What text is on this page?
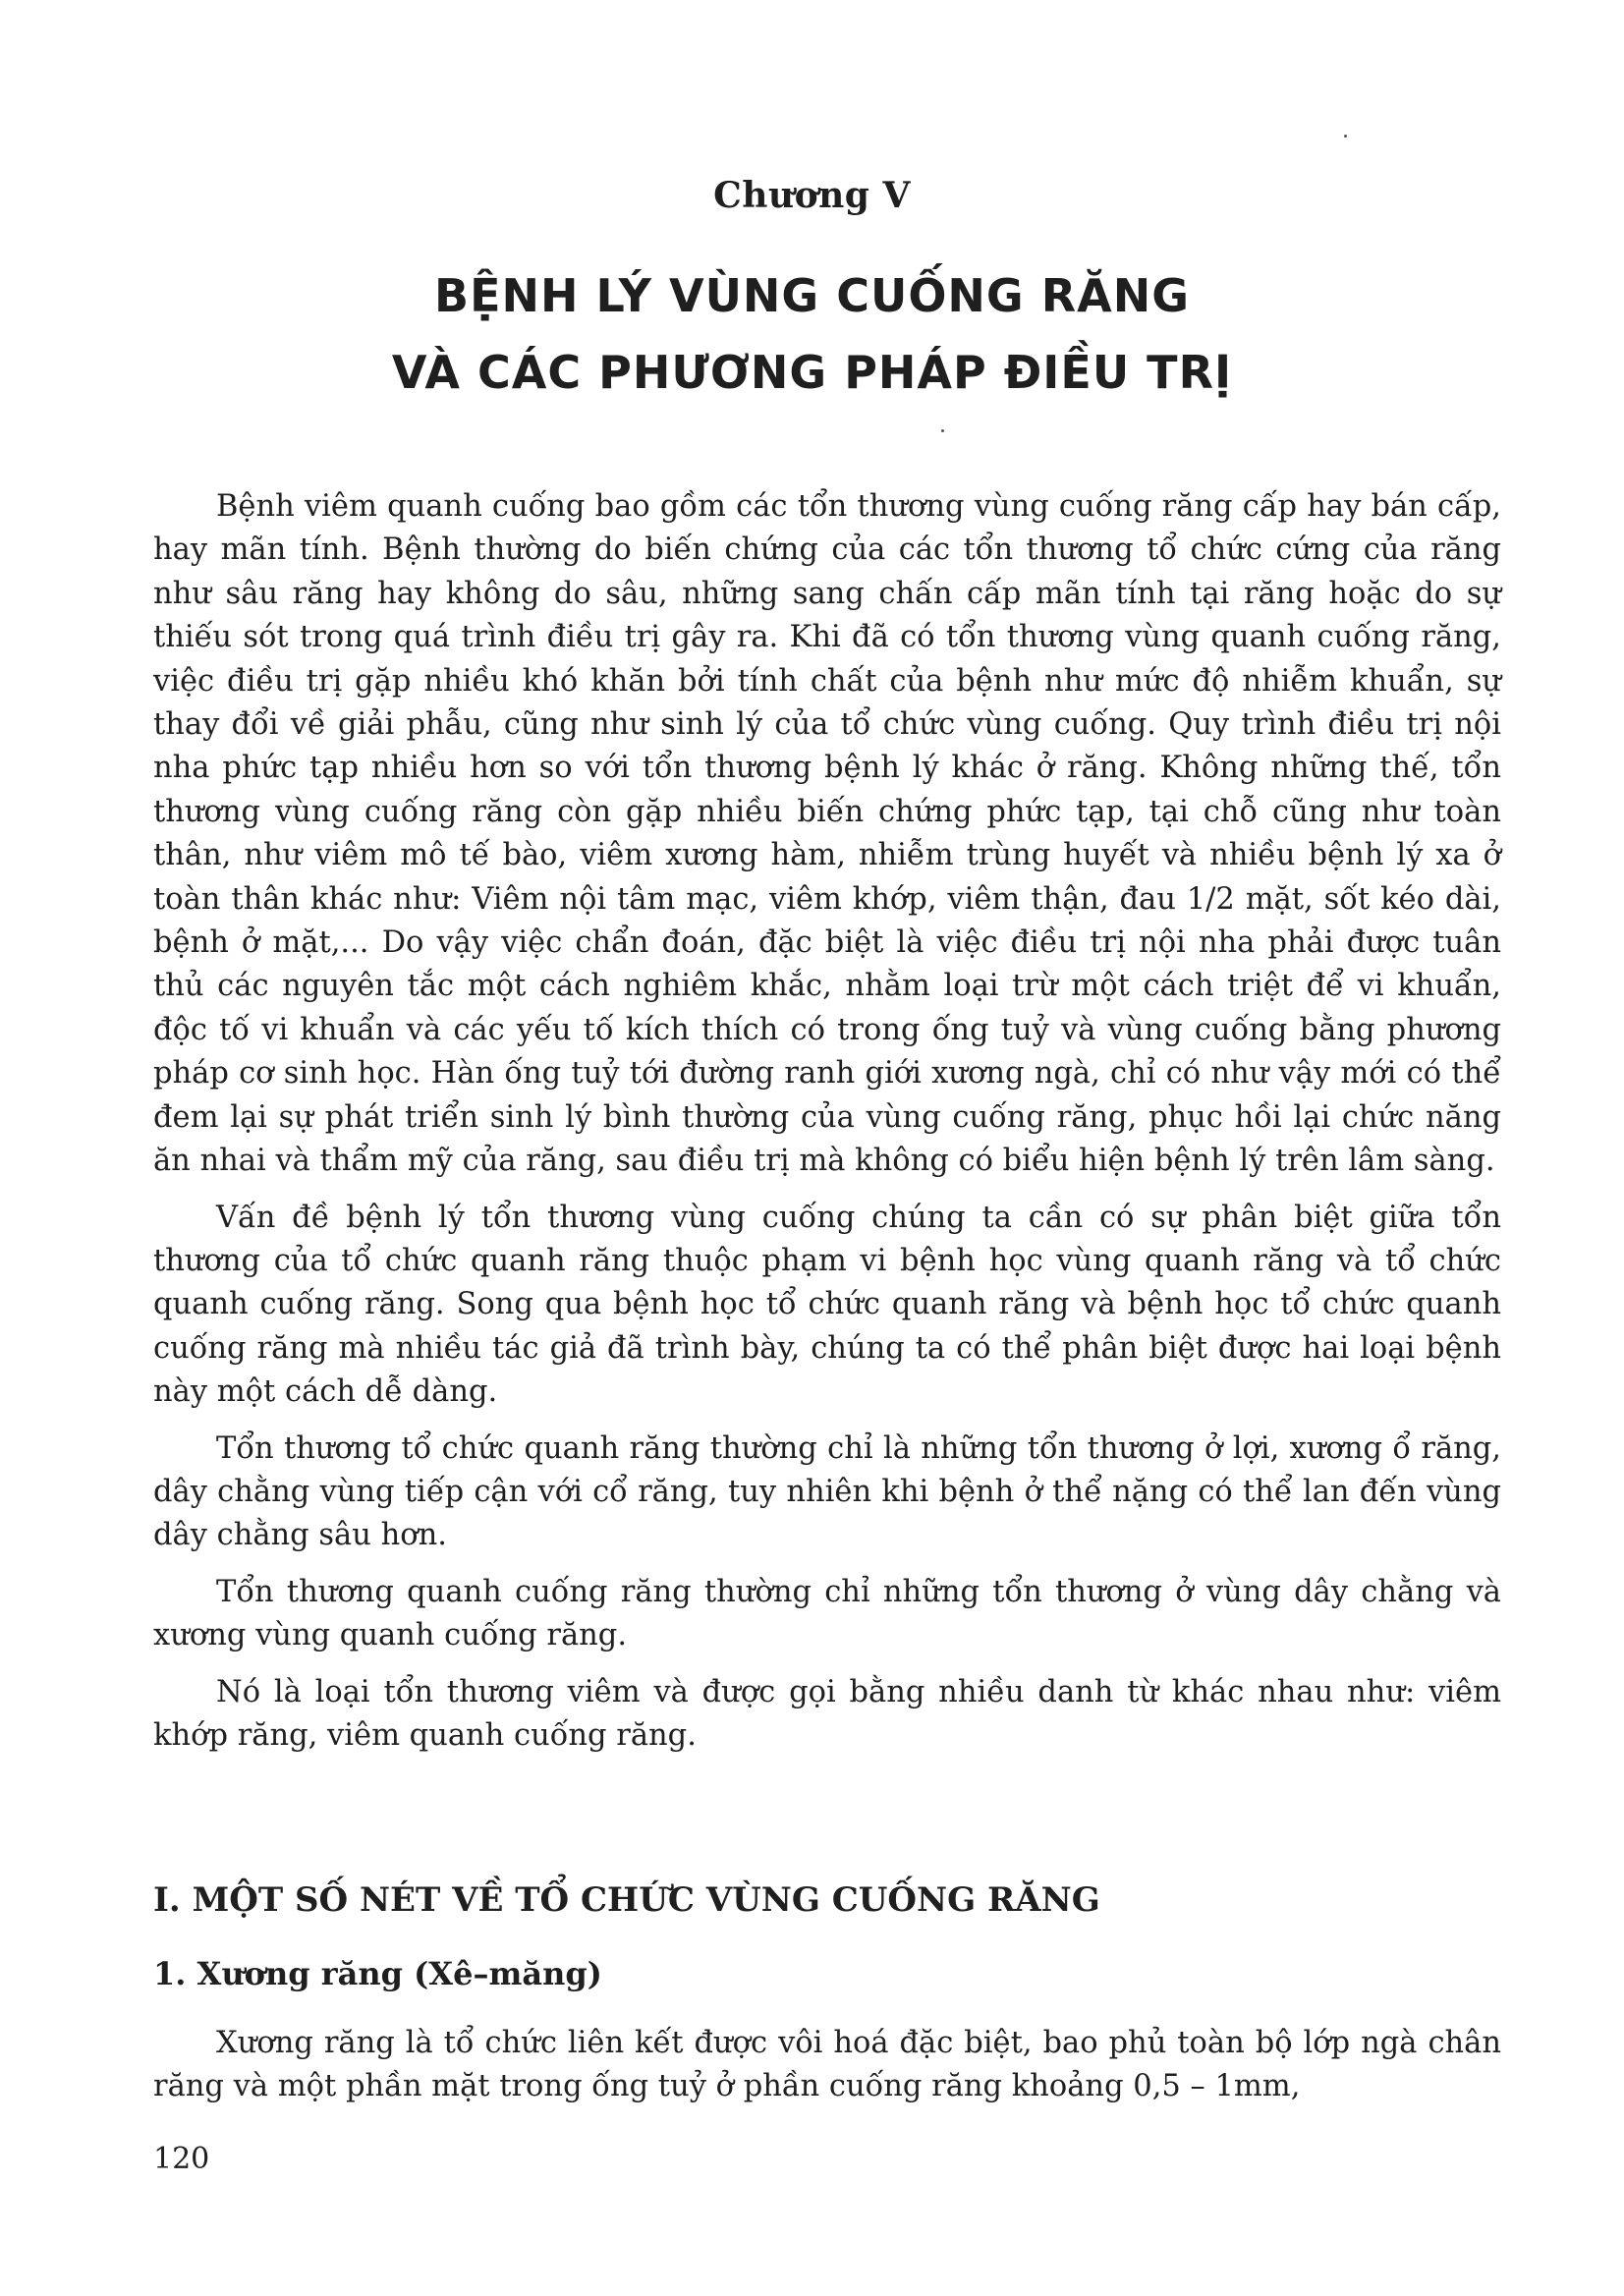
Chương V
BỆNH LÝ VÙNG CUỐNG RĂNG
VÀ CÁC PHƯƠNG PHÁP ĐIỀU TRỊ

Bệnh viêm quanh cuống bao gồm các tổn thương vùng cuống răng cấp hay bán cấp, hay mãn tính. Bệnh thường do biến chứng của các tổn thương tổ chức cứng của răng như sâu răng hay không do sâu, những sang chấn cấp mãn tính tại răng hoặc do sự thiếu sót trong quá trình điều trị gây ra. Khi đã có tổn thương vùng quanh cuống răng, việc điều trị gặp nhiều khó khăn bởi tính chất của bệnh như mức độ nhiễm khuẩn, sự thay đổi về giải phẫu, cũng như sinh lý của tổ chức vùng cuống. Quy trình điều trị nội nha phức tạp nhiều hơn so với tổn thương bệnh lý khác ở răng. Không những thế, tổn thương vùng cuống răng còn gặp nhiều biến chứng phức tạp, tại chỗ cũng như toàn thân, như viêm mô tế bào, viêm xương hàm, nhiễm trùng huyết và nhiều bệnh lý xa ở toàn thân khác như: Viêm nội tâm mạc, viêm khớp, viêm thận, đau 1/2 mặt, sốt kéo dài, bệnh ở mặt,... Do vậy việc chẩn đoán, đặc biệt là việc điều trị nội nha phải được tuân thủ các nguyên tắc một cách nghiêm khắc, nhằm loại trừ một cách triệt để vi khuẩn, độc tố vi khuẩn và các yếu tố kích thích có trong ống tuỷ và vùng cuống bằng phương pháp cơ sinh học. Hàn ống tuỷ tới đường ranh giới xương ngà, chỉ có như vậy mới có thể đem lại sự phát triển sinh lý bình thường của vùng cuống răng, phục hồi lại chức năng ăn nhai và thẩm mỹ của răng, sau điều trị mà không có biểu hiện bệnh lý trên lâm sàng.

Vấn đề bệnh lý tổn thương vùng cuống chúng ta cần có sự phân biệt giữa tổn thương của tổ chức quanh răng thuộc phạm vi bệnh học vùng quanh răng và tổ chức quanh cuống răng. Song qua bệnh học tổ chức quanh răng và bệnh học tổ chức quanh cuống răng mà nhiều tác giả đã trình bày, chúng ta có thể phân biệt được hai loại bệnh này một cách dễ dàng.

Tổn thương tổ chức quanh răng thường chỉ là những tổn thương ở lợi, xương ổ răng, dây chằng vùng tiếp cận với cổ răng, tuy nhiên khi bệnh ở thể nặng có thể lan đến vùng dây chằng sâu hơn.

Tổn thương quanh cuống răng thường chỉ những tổn thương ở vùng dây chằng và xương vùng quanh cuống răng.

Nó là loại tổn thương viêm và được gọi bằng nhiều danh từ khác nhau như: viêm khớp răng, viêm quanh cuống răng.

I. MỘT SỐ NÉT VỀ TỔ CHỨC VÙNG CUỐNG RĂNG
1. Xương răng (Xê–măng)

Xương răng là tổ chức liên kết được vôi hoá đặc biệt, bao phủ toàn bộ lớp ngà chân răng và một phần mặt trong ống tuỷ ở phần cuống răng khoảng 0,5 – 1mm,

120
